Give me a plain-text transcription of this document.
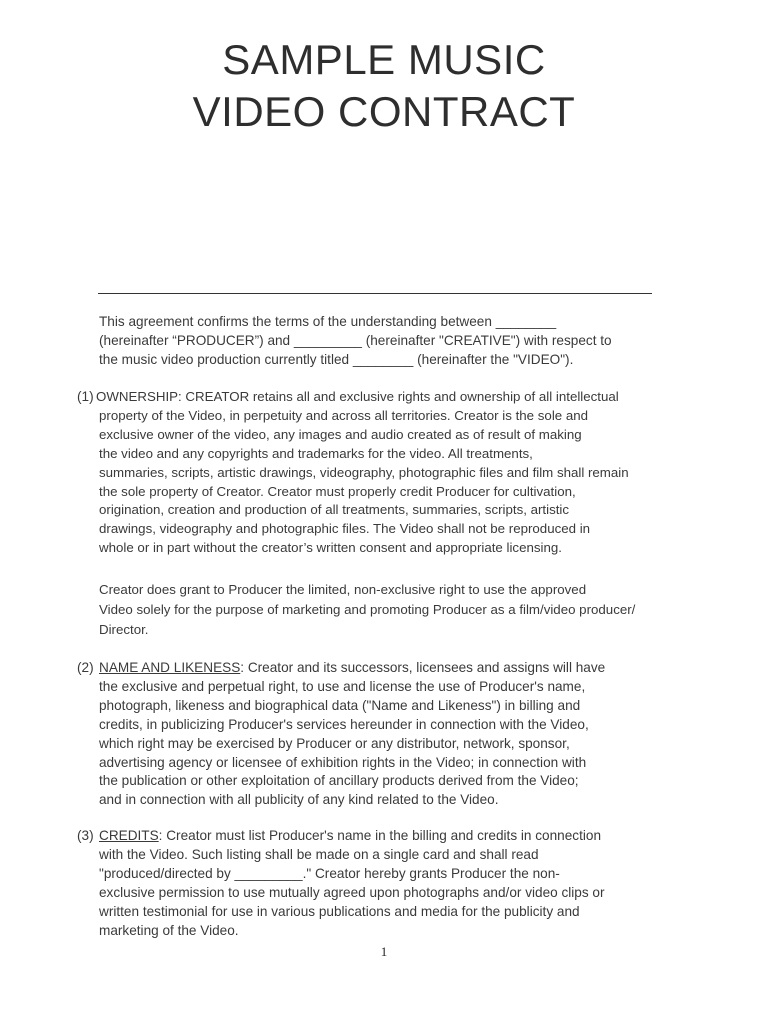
SAMPLE MUSIC
VIDEO CONTRACT
This agreement confirms the terms of the understanding between ________
(hereinafter “PRODUCER”) and _________ (hereinafter "CREATIVE") with respect to
the music video production currently titled ________ (hereinafter the "VIDEO").
(1) OWNERSHIP: CREATOR retains all and exclusive rights and ownership of all intellectual
property of the Video, in perpetuity and across all territories. Creator is the sole and
exclusive owner of the video, any images and audio created as of result of making
the video and any copyrights and trademarks for the video. All treatments,
summaries, scripts, artistic drawings, videography, photographic files and film shall remain
the sole property of Creator. Creator must properly credit Producer for cultivation,
origination, creation and production of all treatments, summaries, scripts, artistic
drawings, videography and photographic files. The Video shall not be reproduced in
whole or in part without the creator’s written consent and appropriate licensing.
Creator does grant to Producer the limited, non-exclusive right to use the approved
Video solely for the purpose of marketing and promoting Producer as a film/video producer/
Director.
(2) NAME AND LIKENESS: Creator and its successors, licensees and assigns will have
the exclusive and perpetual right, to use and license the use of Producer's name,
photograph, likeness and biographical data ("Name and Likeness") in billing and
credits, in publicizing Producer's services hereunder in connection with the Video,
which right may be exercised by Producer or any distributor, network, sponsor,
advertising agency or licensee of exhibition rights in the Video; in connection with
the publication or other exploitation of ancillary products derived from the Video;
and in connection with all publicity of any kind related to the Video.
(3) CREDITS: Creator must list Producer's name in the billing and credits in connection
with the Video. Such listing shall be made on a single card and shall read
"produced/directed by _________." Creator hereby grants Producer the non-
exclusive permission to use mutually agreed upon photographs and/or video clips or
written testimonial for use in various publications and media for the publicity and
marketing of the Video.
1
